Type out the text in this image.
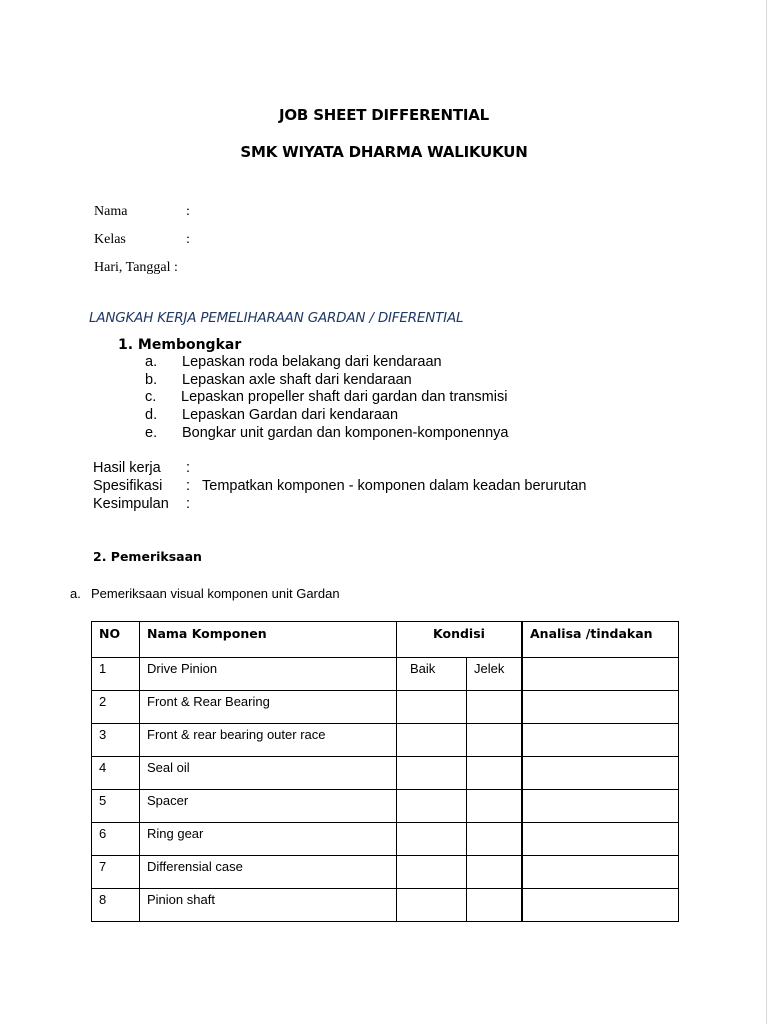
JOB SHEET DIFFERENTIAL
SMK WIYATA DHARMA WALIKUKUN
Nama	:
Kelas	:
Hari, Tanggal :
LANGKAH KERJA PEMELIHARAAN GARDAN / DIFERENTIAL
1. Membongkar
a. Lepaskan roda belakang dari kendaraan
b. Lepaskan axle shaft dari kendaraan
c. Lepaskan propeller shaft dari gardan dan transmisi
d. Lepaskan Gardan dari kendaraan
e. Bongkar unit gardan dan komponen-komponennya
Hasil kerja :
Spesifikasi : Tempatkan komponen - komponen dalam keadan berurutan
Kesimpulan :
2. Pemeriksaan
a. Pemeriksaan visual komponen unit Gardan
NO	Nama Komponen	Kondisi		Analisa /tindakan
1	Drive Pinion	Baik	Jelek	
2	Front & Rear Bearing			
3	Front & rear bearing outer race			
4	Seal oil			
5	Spacer			
6	Ring gear			
7	Differensial case			
8	Pinion shaft			
